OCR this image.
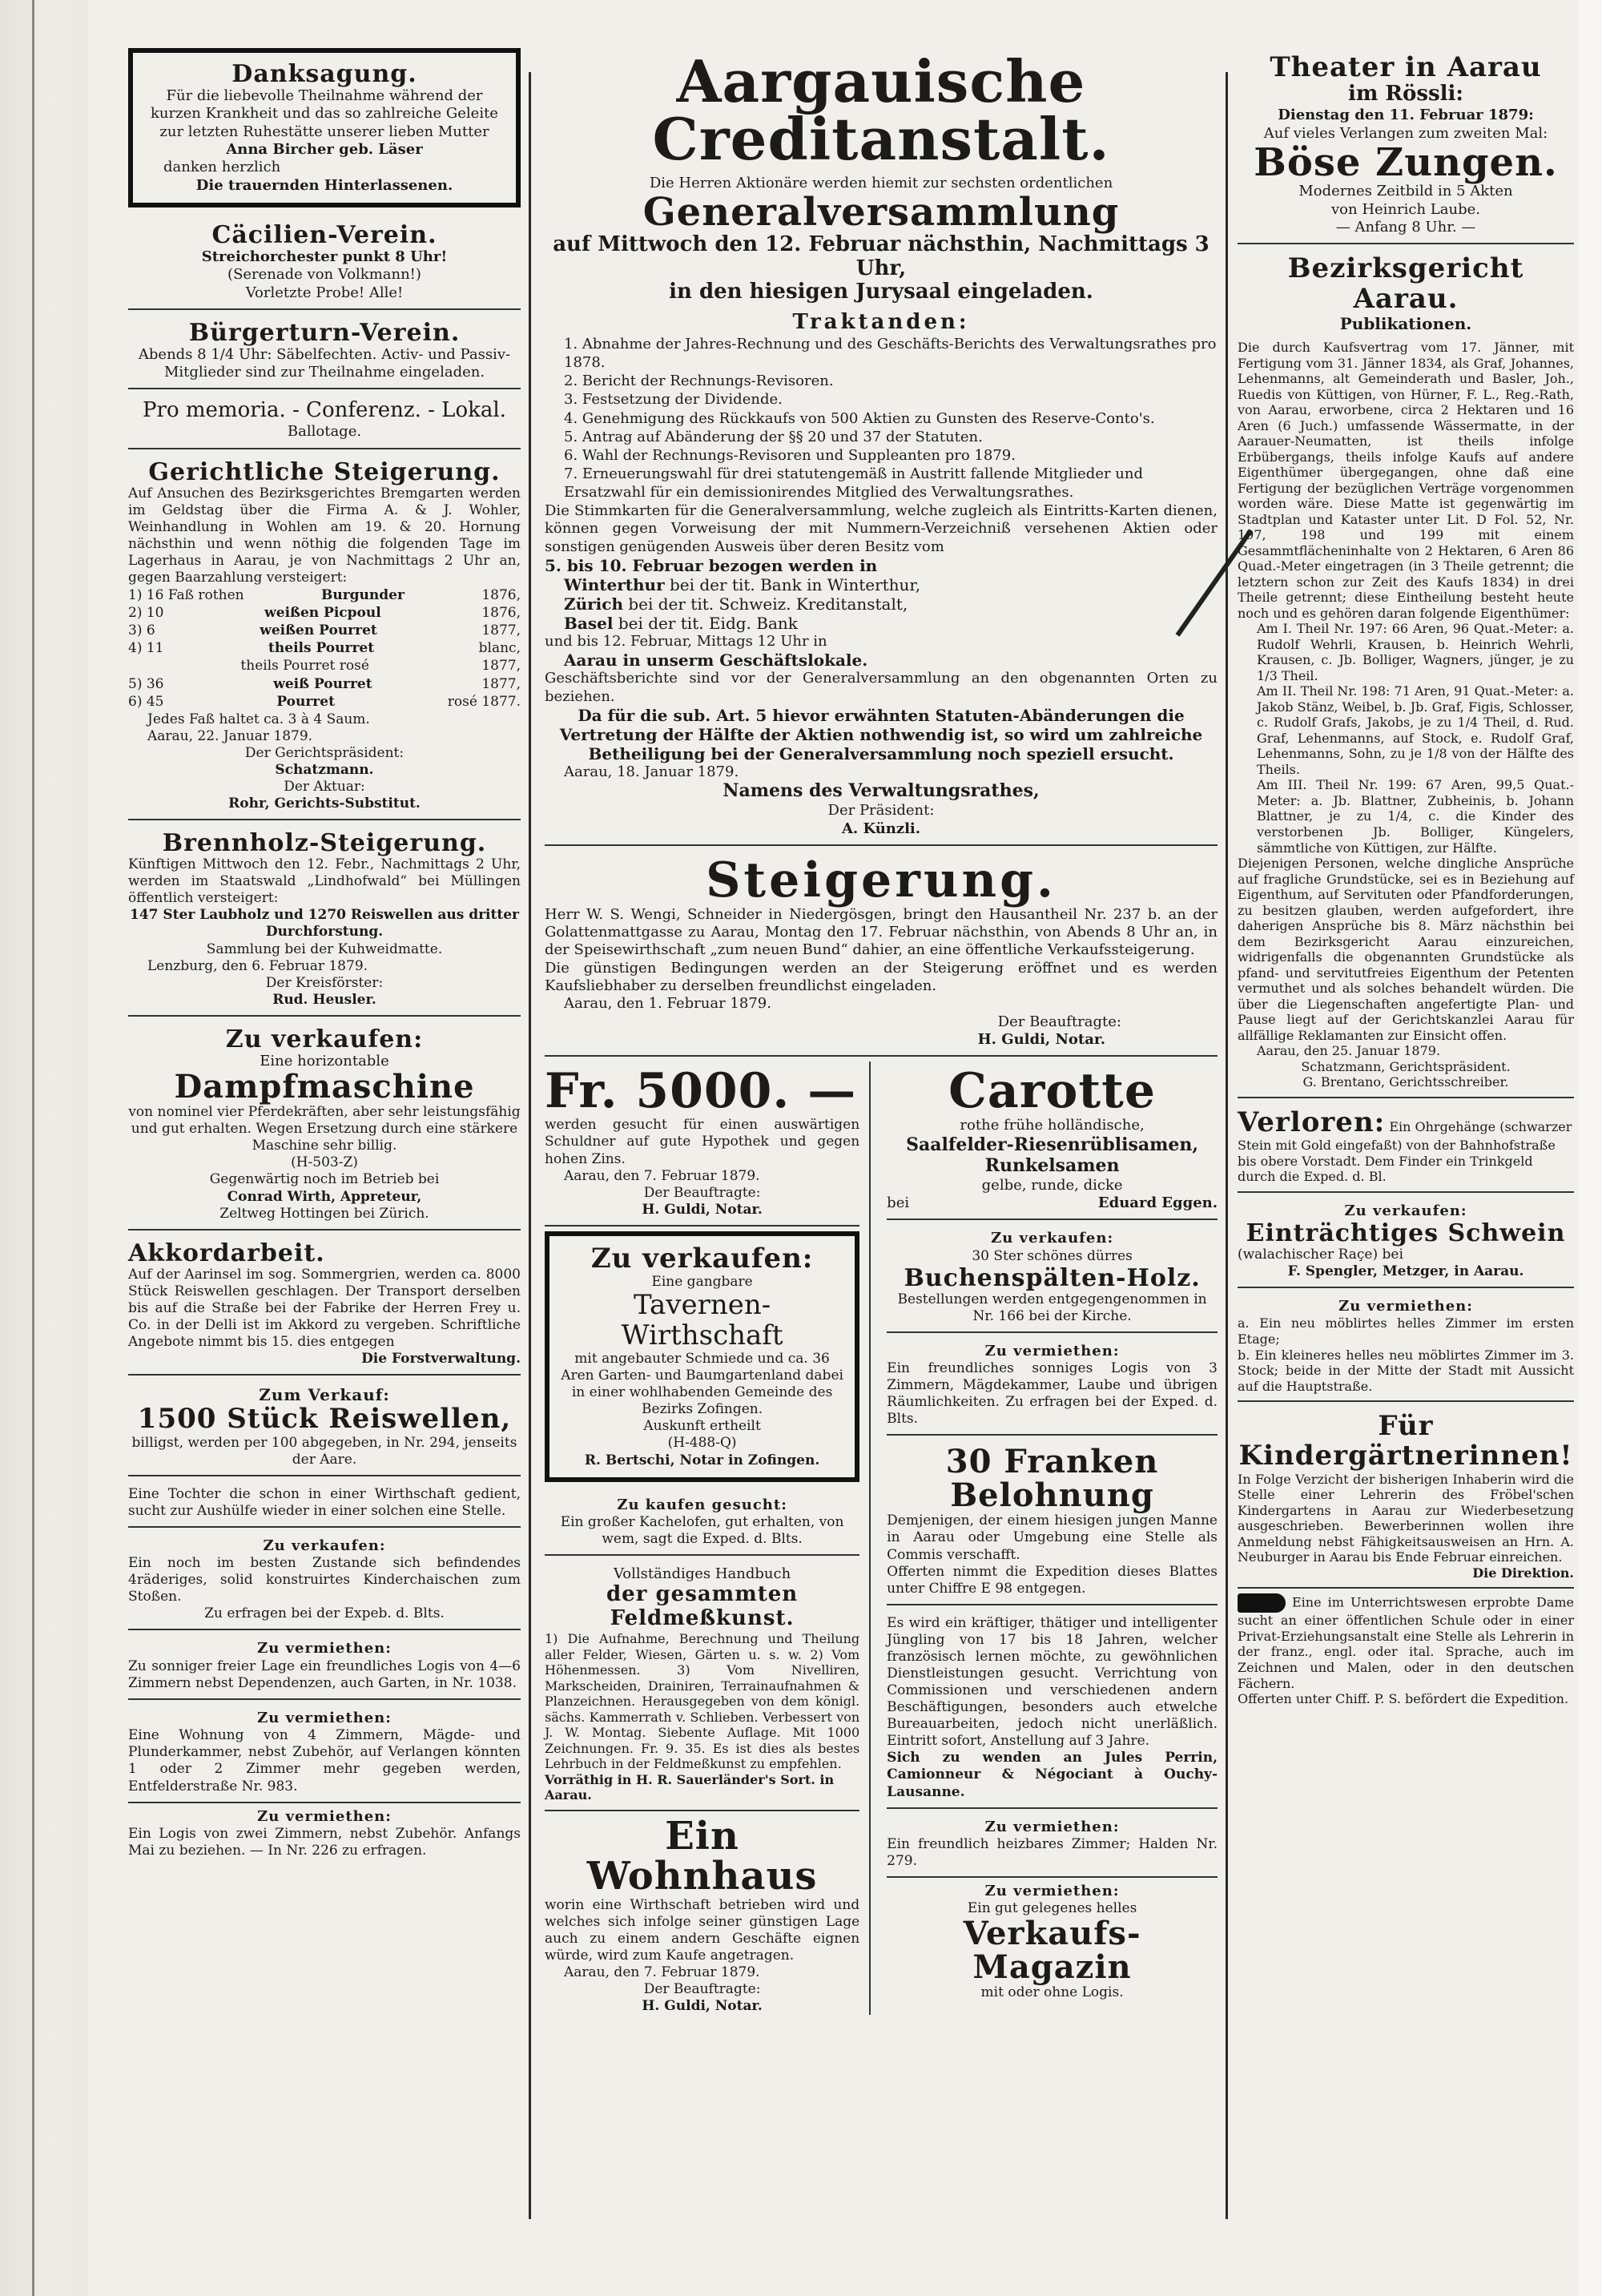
Danksagung.
Für die liebevolle Theilnahme während der kurzen Krankheit und das so zahlreiche Geleite zur letzten Ruhestätte unserer lieben Mutter
Anna Bircher geb. Läser
danken herzlich
Die trauernden Hinterlassenen.
Cäcilien-Verein.
Streichorchester punkt 8 Uhr!
(Serenade von Volkmann!)
Vorletzte Probe! Alle!
Bürgerturn-Verein.
Abends 8 1/4 Uhr: Säbelfechten. Activ- und Passiv-Mitglieder sind zur Theilnahme eingeladen.
Pro memoria. - Conferenz. - Lokal.
Ballotage.
Gerichtliche Steigerung.
Auf Ansuchen des Bezirksgerichtes Bremgarten werden im Geldstag über die Firma A. & J. Wohler, Weinhandlung in Wohlen am 19. & 20. Hornung nächsthin und wenn nöthig die folgenden Tage im Lagerhaus in Aarau, je von Nachmittags 2 Uhr an, gegen Baarzahlung versteigert:
1) 16 Faß rothen	Burgunder	1876,
2) 10	weißen Picpoul	1876,
3) 6	weißen Pourret	1877,
4) 11	theils Pourret	blanc,
theils Pourret rosé	1877,
5) 36	weiß Pourret	1877,
6) 45	Pourret	rosé 1877.
Jedes Faß haltet ca. 3 à 4 Saum.
Aarau, 22. Januar 1879.
Der Gerichtspräsident:
Schatzmann.
Der Aktuar:
Rohr, Gerichts-Substitut.
Brennholz-Steigerung.
Künftigen Mittwoch den 12. Febr., Nachmittags 2 Uhr, werden im Staatswald „Lindhofwald“ bei Müllingen öffentlich versteigert:
147 Ster Laubholz und 1270 Reiswellen aus dritter Durchforstung.
Sammlung bei der Kuhweidmatte.
Lenzburg, den 6. Februar 1879.
Der Kreisförster:
Rud. Heusler.
Zu verkaufen:
Eine horizontable
Dampfmaschine
von nominel vier Pferdekräften, aber sehr leistungsfähig und gut erhalten. Wegen Ersetzung durch eine stärkere Maschine sehr billig.
(H-503-Z)
Gegenwärtig noch im Betrieb bei
Conrad Wirth, Appreteur,
Zeltweg Hottingen bei Zürich.
Akkordarbeit.
Auf der Aarinsel im sog. Sommergrien, werden ca. 8000 Stück Reiswellen geschlagen. Der Transport derselben bis auf die Straße bei der Fabrike der Herren Frey u. Co. in der Delli ist im Akkord zu vergeben. Schriftliche Angebote nimmt bis 15. dies entgegen
Die Forstverwaltung.
Zum Verkauf:
1500 Stück Reiswellen,
billigst, werden per 100 abgegeben, in Nr. 294, jenseits der Aare.
Eine Tochter die schon in einer Wirthschaft gedient, sucht zur Aushülfe wieder in einer solchen eine Stelle.
Zu verkaufen:
Ein noch im besten Zustande sich befindendes 4räderiges, solid konstruirtes Kinderchaischen zum Stoßen.
Zu erfragen bei der Expeb. d. Blts.
Zu vermiethen:
Zu sonniger freier Lage ein freundliches Logis von 4—6 Zimmern nebst Dependenzen, auch Garten, in Nr. 1038.
Zu vermiethen:
Eine Wohnung von 4 Zimmern, Mägde- und Plunderkammer, nebst Zubehör, auf Verlangen könnten 1 oder 2 Zimmer mehr gegeben werden, Entfelderstraße Nr. 983.
Zu vermiethen:
Ein Logis von zwei Zimmern, nebst Zubehör. Anfangs Mai zu beziehen. — In Nr. 226 zu erfragen.
Aargauische Creditanstalt.
Die Herren Aktionäre werden hiemit zur sechsten ordentlichen
Generalversammlung
auf Mittwoch den 12. Februar nächsthin, Nachmittags 3 Uhr,
in den hiesigen Jurysaal eingeladen.
Traktanden:
1. Abnahme der Jahres-Rechnung und des Geschäfts-Berichts des Verwaltungsrathes pro 1878.
2. Bericht der Rechnungs-Revisoren.
3. Festsetzung der Dividende.
4. Genehmigung des Rückkaufs von 500 Aktien zu Gunsten des Reserve-Conto's.
5. Antrag auf Abänderung der §§ 20 und 37 der Statuten.
6. Wahl der Rechnungs-Revisoren und Suppleanten pro 1879.
7. Erneuerungswahl für drei statutengemäß in Austritt fallende Mitglieder und Ersatzwahl für ein demissionirendes Mitglied des Verwaltungsrathes.
Die Stimmkarten für die Generalversammlung, welche zugleich als Eintritts-Karten dienen, können gegen Vorweisung der mit Nummern-Verzeichniß versehenen Aktien oder sonstigen genügenden Ausweis über deren Besitz vom
5. bis 10. Februar bezogen werden in
Winterthur bei der tit. Bank in Winterthur,
Zürich bei der tit. Schweiz. Kreditanstalt,
Basel bei der tit. Eidg. Bank
und bis 12. Februar, Mittags 12 Uhr in
Aarau in unserm Geschäftslokale.
Geschäftsberichte sind vor der Generalversammlung an den obgenannten Orten zu beziehen.
Da für die sub. Art. 5 hievor erwähnten Statuten-Abänderungen die Vertretung der Hälfte der Aktien nothwendig ist, so wird um zahlreiche Betheiligung bei der Generalversammlung noch speziell ersucht.
Aarau, 18. Januar 1879.
Namens des Verwaltungsrathes,
Der Präsident:
A. Künzli.
Steigerung.
Herr W. S. Wengi, Schneider in Niedergösgen, bringt den Hausantheil Nr. 237 b. an der Golattenmattgasse zu Aarau, Montag den 17. Februar nächsthin, von Abends 8 Uhr an, in der Speisewirthschaft „zum neuen Bund“ dahier, an eine öffentliche Verkaufssteigerung.
Die günstigen Bedingungen werden an der Steigerung eröffnet und es werden Kaufsliebhaber zu derselben freundlichst eingeladen.
Aarau, den 1. Februar 1879.
Der Beauftragte:
H. Guldi, Notar.
Fr. 5000. —
werden gesucht für einen auswärtigen Schuldner auf gute Hypothek und gegen hohen Zins.
Aarau, den 7. Februar 1879.
Der Beauftragte:
H. Guldi, Notar.
Zu verkaufen:
Eine gangbare
Tavernen-Wirthschaft
mit angebauter Schmiede und ca. 36 Aren Garten- und Baumgartenland dabei in einer wohlhabenden Gemeinde des Bezirks Zofingen.
Auskunft ertheilt
(H-488-Q)
R. Bertschi, Notar in Zofingen.
Zu kaufen gesucht:
Ein großer Kachelofen, gut erhalten, von wem, sagt die Exped. d. Blts.
Vollständiges Handbuch
der gesammten Feldmeßkunst.
1) Die Aufnahme, Berechnung und Theilung aller Felder, Wiesen, Gärten u. s. w. 2) Vom Höhenmessen. 3) Vom Nivelliren, Markscheiden, Drainiren, Terrainaufnahmen & Planzeichnen. Herausgegeben von dem königl. sächs. Kammerrath v. Schlieben. Verbessert von J. W. Montag. Siebente Auflage. Mit 1000 Zeichnungen. Fr. 9. 35. Es ist dies als bestes Lehrbuch in der Feldmeßkunst zu empfehlen.
Vorräthig in H. R. Sauerländer's Sort. in Aarau.
Ein Wohnhaus
worin eine Wirthschaft betrieben wird und welches sich infolge seiner günstigen Lage auch zu einem andern Geschäfte eignen würde, wird zum Kaufe angetragen.
Aarau, den 7. Februar 1879.
Der Beauftragte:
H. Guldi, Notar.
Carotte
rothe frühe holländische,
Saalfelder-Riesenrüblisamen,
Runkelsamen
gelbe, runde, dicke
bei	Eduard Eggen.
Zu verkaufen:
30 Ster schönes dürres
Buchenspälten-Holz.
Bestellungen werden entgegengenommen in Nr. 166 bei der Kirche.
Zu vermiethen:
Ein freundliches sonniges Logis von 3 Zimmern, Mägdekammer, Laube und übrigen Räumlichkeiten. Zu erfragen bei der Exped. d. Blts.
30 Franken Belohnung
Demjenigen, der einem hiesigen jungen Manne in Aarau oder Umgebung eine Stelle als Commis verschafft.
Offerten nimmt die Expedition dieses Blattes unter Chiffre E 98 entgegen.
Es wird ein kräftiger, thätiger und intelligenter Jüngling von 17 bis 18 Jahren, welcher französisch lernen möchte, zu gewöhnlichen Dienstleistungen gesucht. Verrichtung von Commissionen und verschiedenen andern Beschäftigungen, besonders auch etwelche Bureauarbeiten, jedoch nicht unerläßlich. Eintritt sofort, Anstellung auf 3 Jahre.
Sich zu wenden an Jules Perrin, Camionneur & Négociant à Ouchy-Lausanne.
Zu vermiethen:
Ein freundlich heizbares Zimmer; Halden Nr. 279.
Zu vermiethen:
Ein gut gelegenes helles
Verkaufs-Magazin
mit oder ohne Logis.
Theater in Aarau
im Rössli:
Dienstag den 11. Februar 1879:
Auf vieles Verlangen zum zweiten Mal:
Böse Zungen.
Modernes Zeitbild in 5 Akten
von Heinrich Laube.
— Anfang 8 Uhr. —
Bezirksgericht Aarau.
Publikationen.
Die durch Kaufsvertrag vom 17. Jänner, mit Fertigung vom 31. Jänner 1834, als Graf, Johannes, Lehenmanns, alt Gemeinderath und Basler, Joh., Ruedis von Küttigen, von Hürner, F. L., Reg.-Rath, von Aarau, erworbene, circa 2 Hektaren und 16 Aren (6 Juch.) umfassende Wässermatte, in der Aarauer-Neumatten, ist theils infolge Erbübergangs, theils infolge Kaufs auf andere Eigenthümer übergegangen, ohne daß eine Fertigung der bezüglichen Verträge vorgenommen worden wäre. Diese Matte ist gegenwärtig im Stadtplan und Kataster unter Lit. D Fol. 52, Nr. 197, 198 und 199 mit einem Gesammtflächeninhalte von 2 Hektaren, 6 Aren 86 Quad.-Meter eingetragen (in 3 Theile getrennt; die letztern schon zur Zeit des Kaufs 1834) in drei Theile getrennt; diese Eintheilung besteht heute noch und es gehören daran folgende Eigenthümer:
Am I. Theil Nr. 197: 66 Aren, 96 Quat.-Meter: a. Rudolf Wehrli, Krausen, b. Heinrich Wehrli, Krausen, c. Jb. Bolliger, Wagners, jünger, je zu 1/3 Theil.
Am II. Theil Nr. 198: 71 Aren, 91 Quat.-Meter: a. Jakob Stänz, Weibel, b. Jb. Graf, Figis, Schlosser, c. Rudolf Grafs, Jakobs, je zu 1/4 Theil, d. Rud. Graf, Lehenmanns, auf Stock, e. Rudolf Graf, Lehenmanns, Sohn, zu je 1/8 von der Hälfte des Theils.
Am III. Theil Nr. 199: 67 Aren, 99,5 Quat.-Meter: a. Jb. Blattner, Zubheinis, b. Johann Blattner, je zu 1/4, c. die Kinder des verstorbenen Jb. Bolliger, Küngelers, sämmtliche von Küttigen, zur Hälfte.
Diejenigen Personen, welche dingliche Ansprüche auf fragliche Grundstücke, sei es in Beziehung auf Eigenthum, auf Servituten oder Pfandforderungen, zu besitzen glauben, werden aufgefordert, ihre daherigen Ansprüche bis 8. März nächsthin bei dem Bezirksgericht Aarau einzureichen, widrigenfalls die obgenannten Grundstücke als pfand- und servitutfreies Eigenthum der Petenten vermuthet und als solches behandelt würden. Die über die Liegenschaften angefertigte Plan- und Pause liegt auf der Gerichtskanzlei Aarau für allfällige Reklamanten zur Einsicht offen.
Aarau, den 25. Januar 1879.
Schatzmann, Gerichtspräsident.
G. Brentano, Gerichtsschreiber.
Verloren: Ein Ohrgehänge (schwarzer Stein mit Gold eingefaßt) von der Bahnhofstraße bis obere Vorstadt. Dem Finder ein Trinkgeld durch die Exped. d. Bl.
Zu verkaufen:
Einträchtiges Schwein
(walachischer Raçe) bei
F. Spengler, Metzger, in Aarau.
Zu vermiethen:
a. Ein neu möblirtes helles Zimmer im ersten Etage;
b. Ein kleineres helles neu möblirtes Zimmer im 3. Stock; beide in der Mitte der Stadt mit Aussicht auf die Hauptstraße.
Für Kindergärtnerinnen!
In Folge Verzicht der bisherigen Inhaberin wird die Stelle einer Lehrerin des Fröbel'schen Kindergartens in Aarau zur Wiederbesetzung ausgeschrieben. Bewerberinnen wollen ihre Anmeldung nebst Fähigkeitsausweisen an Hrn. A. Neuburger in Aarau bis Ende Februar einreichen.
Die Direktion.
Eine im Unterrichtswesen erprobte Dame sucht an einer öffentlichen Schule oder in einer Privat-Erziehungsanstalt eine Stelle als Lehrerin in der franz., engl. oder ital. Sprache, auch im Zeichnen und Malen, oder in den deutschen Fächern.
Offerten unter Chiff. P. S. befördert die Expedition.
